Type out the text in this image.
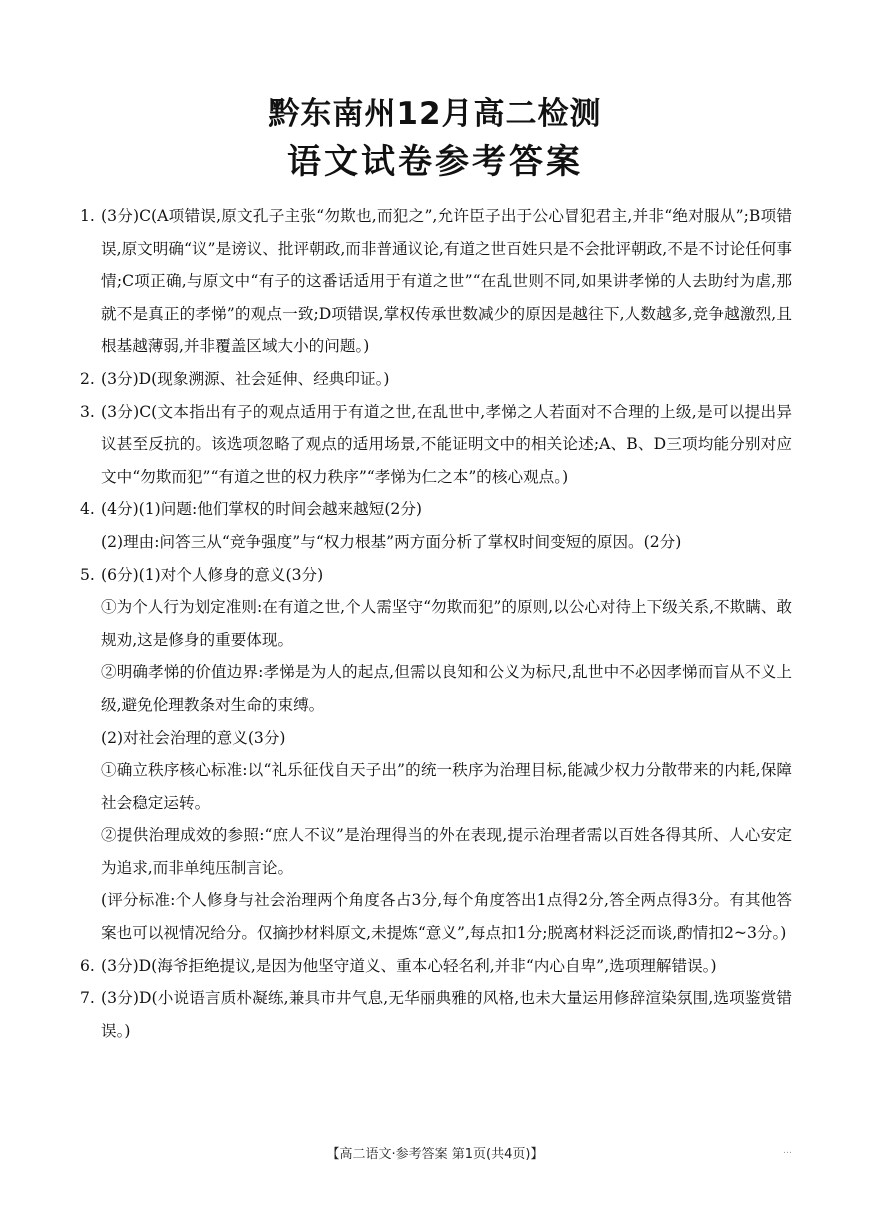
黔东南州12月高二检测
语文试卷参考答案
1. (3分)C(A项错误,原文孔子主张“勿欺也,而犯之”,允许臣子出于公心冒犯君主,并非“绝对服从”;B项错误,原文明确“议”是谤议、批评朝政,而非普通议论,有道之世百姓只是不会批评朝政,不是不讨论任何事情;C项正确,与原文中“有子的这番话适用于有道之世”“在乱世则不同,如果讲孝悌的人去助纣为虐,那就不是真正的孝悌”的观点一致;D项错误,掌权传承世数减少的原因是越往下,人数越多,竞争越激烈,且根基越薄弱,并非覆盖区域大小的问题。)
2. (3分)D(现象溯源、社会延伸、经典印证。)
3. (3分)C(文本指出有子的观点适用于有道之世,在乱世中,孝悌之人若面对不合理的上级,是可以提出异议甚至反抗的。该选项忽略了观点的适用场景,不能证明文中的相关论述;A、B、D三项均能分别对应文中“勿欺而犯”“有道之世的权力秩序”“孝悌为仁之本”的核心观点。)
4. (4分)(1)问题:他们掌权的时间会越来越短(2分)
(2)理由:问答三从“竞争强度”与“权力根基”两方面分析了掌权时间变短的原因。(2分)
5. (6分)(1)对个人修身的意义(3分)
①为个人行为划定准则:在有道之世,个人需坚守“勿欺而犯”的原则,以公心对待上下级关系,不欺瞒、敢规劝,这是修身的重要体现。
②明确孝悌的价值边界:孝悌是为人的起点,但需以良知和公义为标尺,乱世中不必因孝悌而盲从不义上级,避免伦理教条对生命的束缚。
(2)对社会治理的意义(3分)
①确立秩序核心标准:以“礼乐征伐自天子出”的统一秩序为治理目标,能减少权力分散带来的内耗,保障社会稳定运转。
②提供治理成效的参照:“庶人不议”是治理得当的外在表现,提示治理者需以百姓各得其所、人心安定为追求,而非单纯压制言论。
(评分标准:个人修身与社会治理两个角度各占3分,每个角度答出1点得2分,答全两点得3分。有其他答案也可以视情况给分。仅摘抄材料原文,未提炼“意义”,每点扣1分;脱离材料泛泛而谈,酌情扣2~3分。)
6. (3分)D(海爷拒绝提议,是因为他坚守道义、重本心轻名利,并非“内心自卑”,选项理解错误。)
7. (3分)D(小说语言质朴凝练,兼具市井气息,无华丽典雅的风格,也未大量运用修辞渲染氛围,选项鉴赏错误。)
【高二语文·参考答案 第1页(共4页)】	…
